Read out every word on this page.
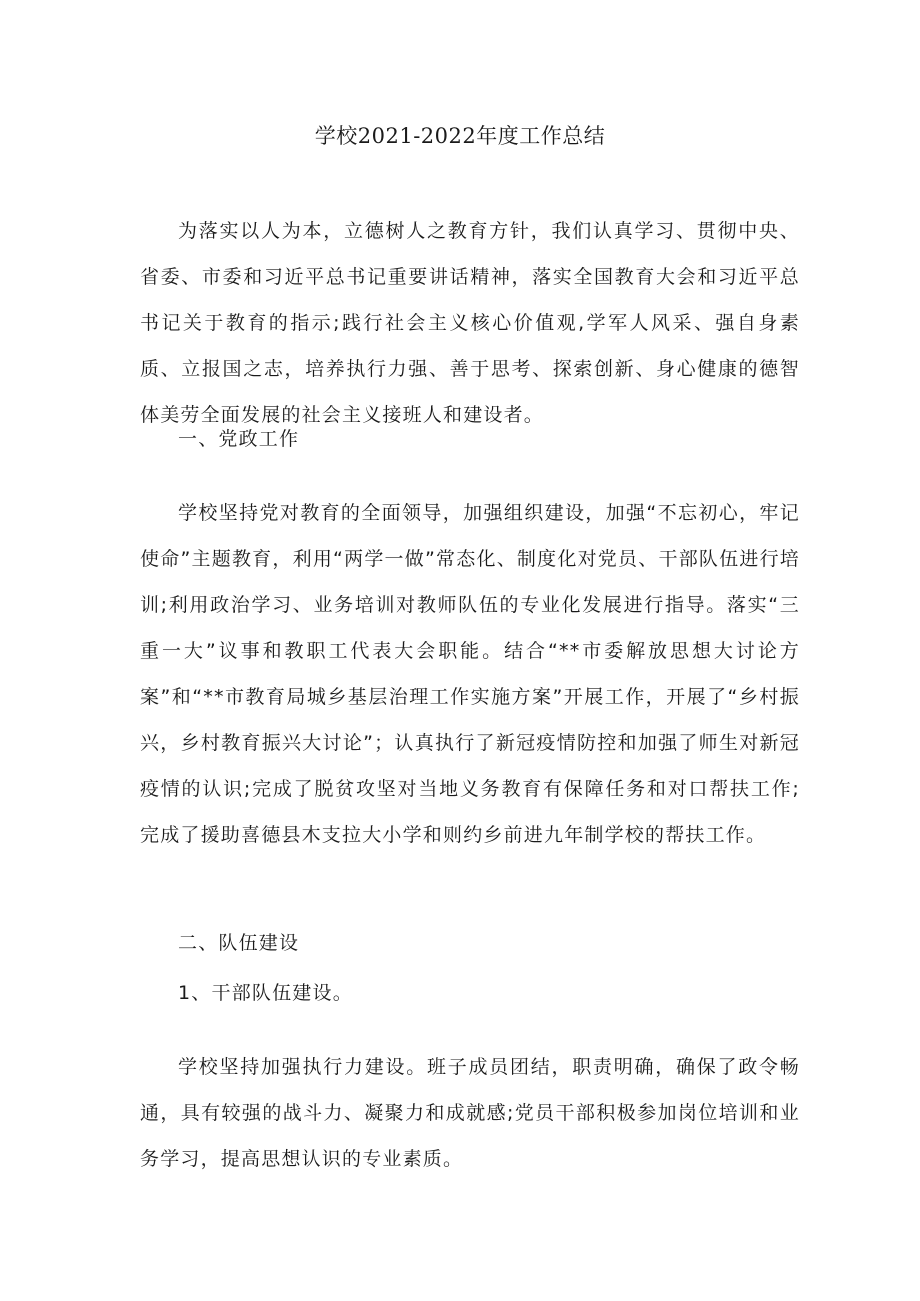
学校2021-2022年度工作总结

为落实以人为本，立德树人之教育方针，我们认真学习、贯彻中央、省委、市委和习近平总书记重要讲话精神，落实全国教育大会和习近平总书记关于教育的指示;践行社会主义核心价值观,学军人风采、强自身素质、立报国之志，培养执行力强、善于思考、探索创新、身心健康的德智体美劳全面发展的社会主义接班人和建设者。

一、党政工作

学校坚持党对教育的全面领导，加强组织建设，加强“不忘初心，牢记使命”主题教育，利用“两学一做”常态化、制度化对党员、干部队伍进行培训;利用政治学习、业务培训对教师队伍的专业化发展进行指导。落实“三重一大”议事和教职工代表大会职能。结合“**市委解放思想大讨论方案”和“**市教育局城乡基层治理工作实施方案”开展工作，开展了“乡村振兴，乡村教育振兴大讨论”；认真执行了新冠疫情防控和加强了师生对新冠疫情的认识;完成了脱贫攻坚对当地义务教育有保障任务和对口帮扶工作;完成了援助喜德县木支拉大小学和则约乡前进九年制学校的帮扶工作。

二、队伍建设

1、干部队伍建设。

学校坚持加强执行力建设。班子成员团结，职责明确，确保了政令畅通，具有较强的战斗力、凝聚力和成就感;党员干部积极参加岗位培训和业务学习，提高思想认识的专业素质。
